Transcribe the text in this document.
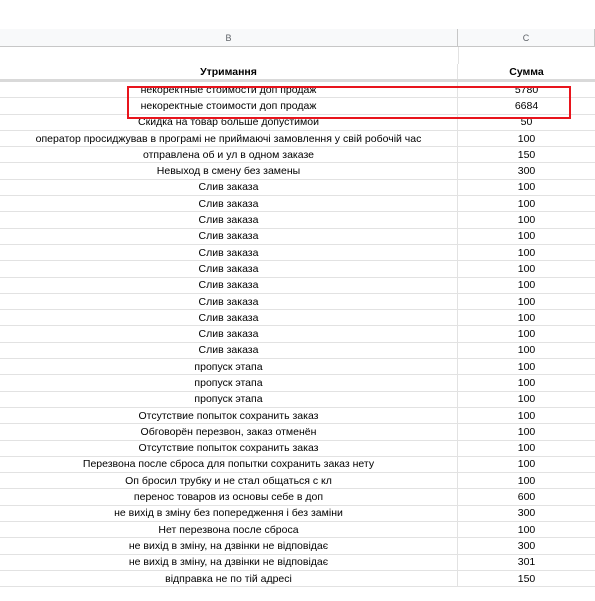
B	C
Утримання	Сумма
некоректные стоимости доп продаж	5780
некоректные стоимости доп продаж	6684
Скидка на товар больше допустимой	50
оператор просиджував в програмі не приймаючі замовлення у свій робочій час	100
отправлена об и ул в одном заказе	150
Невыход в смену без замены	300
Слив заказа	100
Слив заказа	100
Слив заказа	100
Слив заказа	100
Слив заказа	100
Слив заказа	100
Слив заказа	100
Слив заказа	100
Слив заказа	100
Слив заказа	100
Слив заказа	100
пропуск этапа	100
пропуск этапа	100
пропуск этапа	100
Отсутствие попыток сохранить заказ	100
Обговорён перезвон, заказ отменён	100
Отсутствие попыток сохранить заказ	100
Перезвона после сброса для попытки сохранить заказ нету	100
Оп бросил трубку и не стал общаться с кл	100
перенос товаров из основы себе в доп	600
не вихід в зміну без попередження і без заміни	300
Нет перезвона после сброса	100
не вихід в зміну, на дзвінки не відповідає	300
не вихід в зміну, на дзвінки не відповідає	301
відправка не по тій адресі	150
